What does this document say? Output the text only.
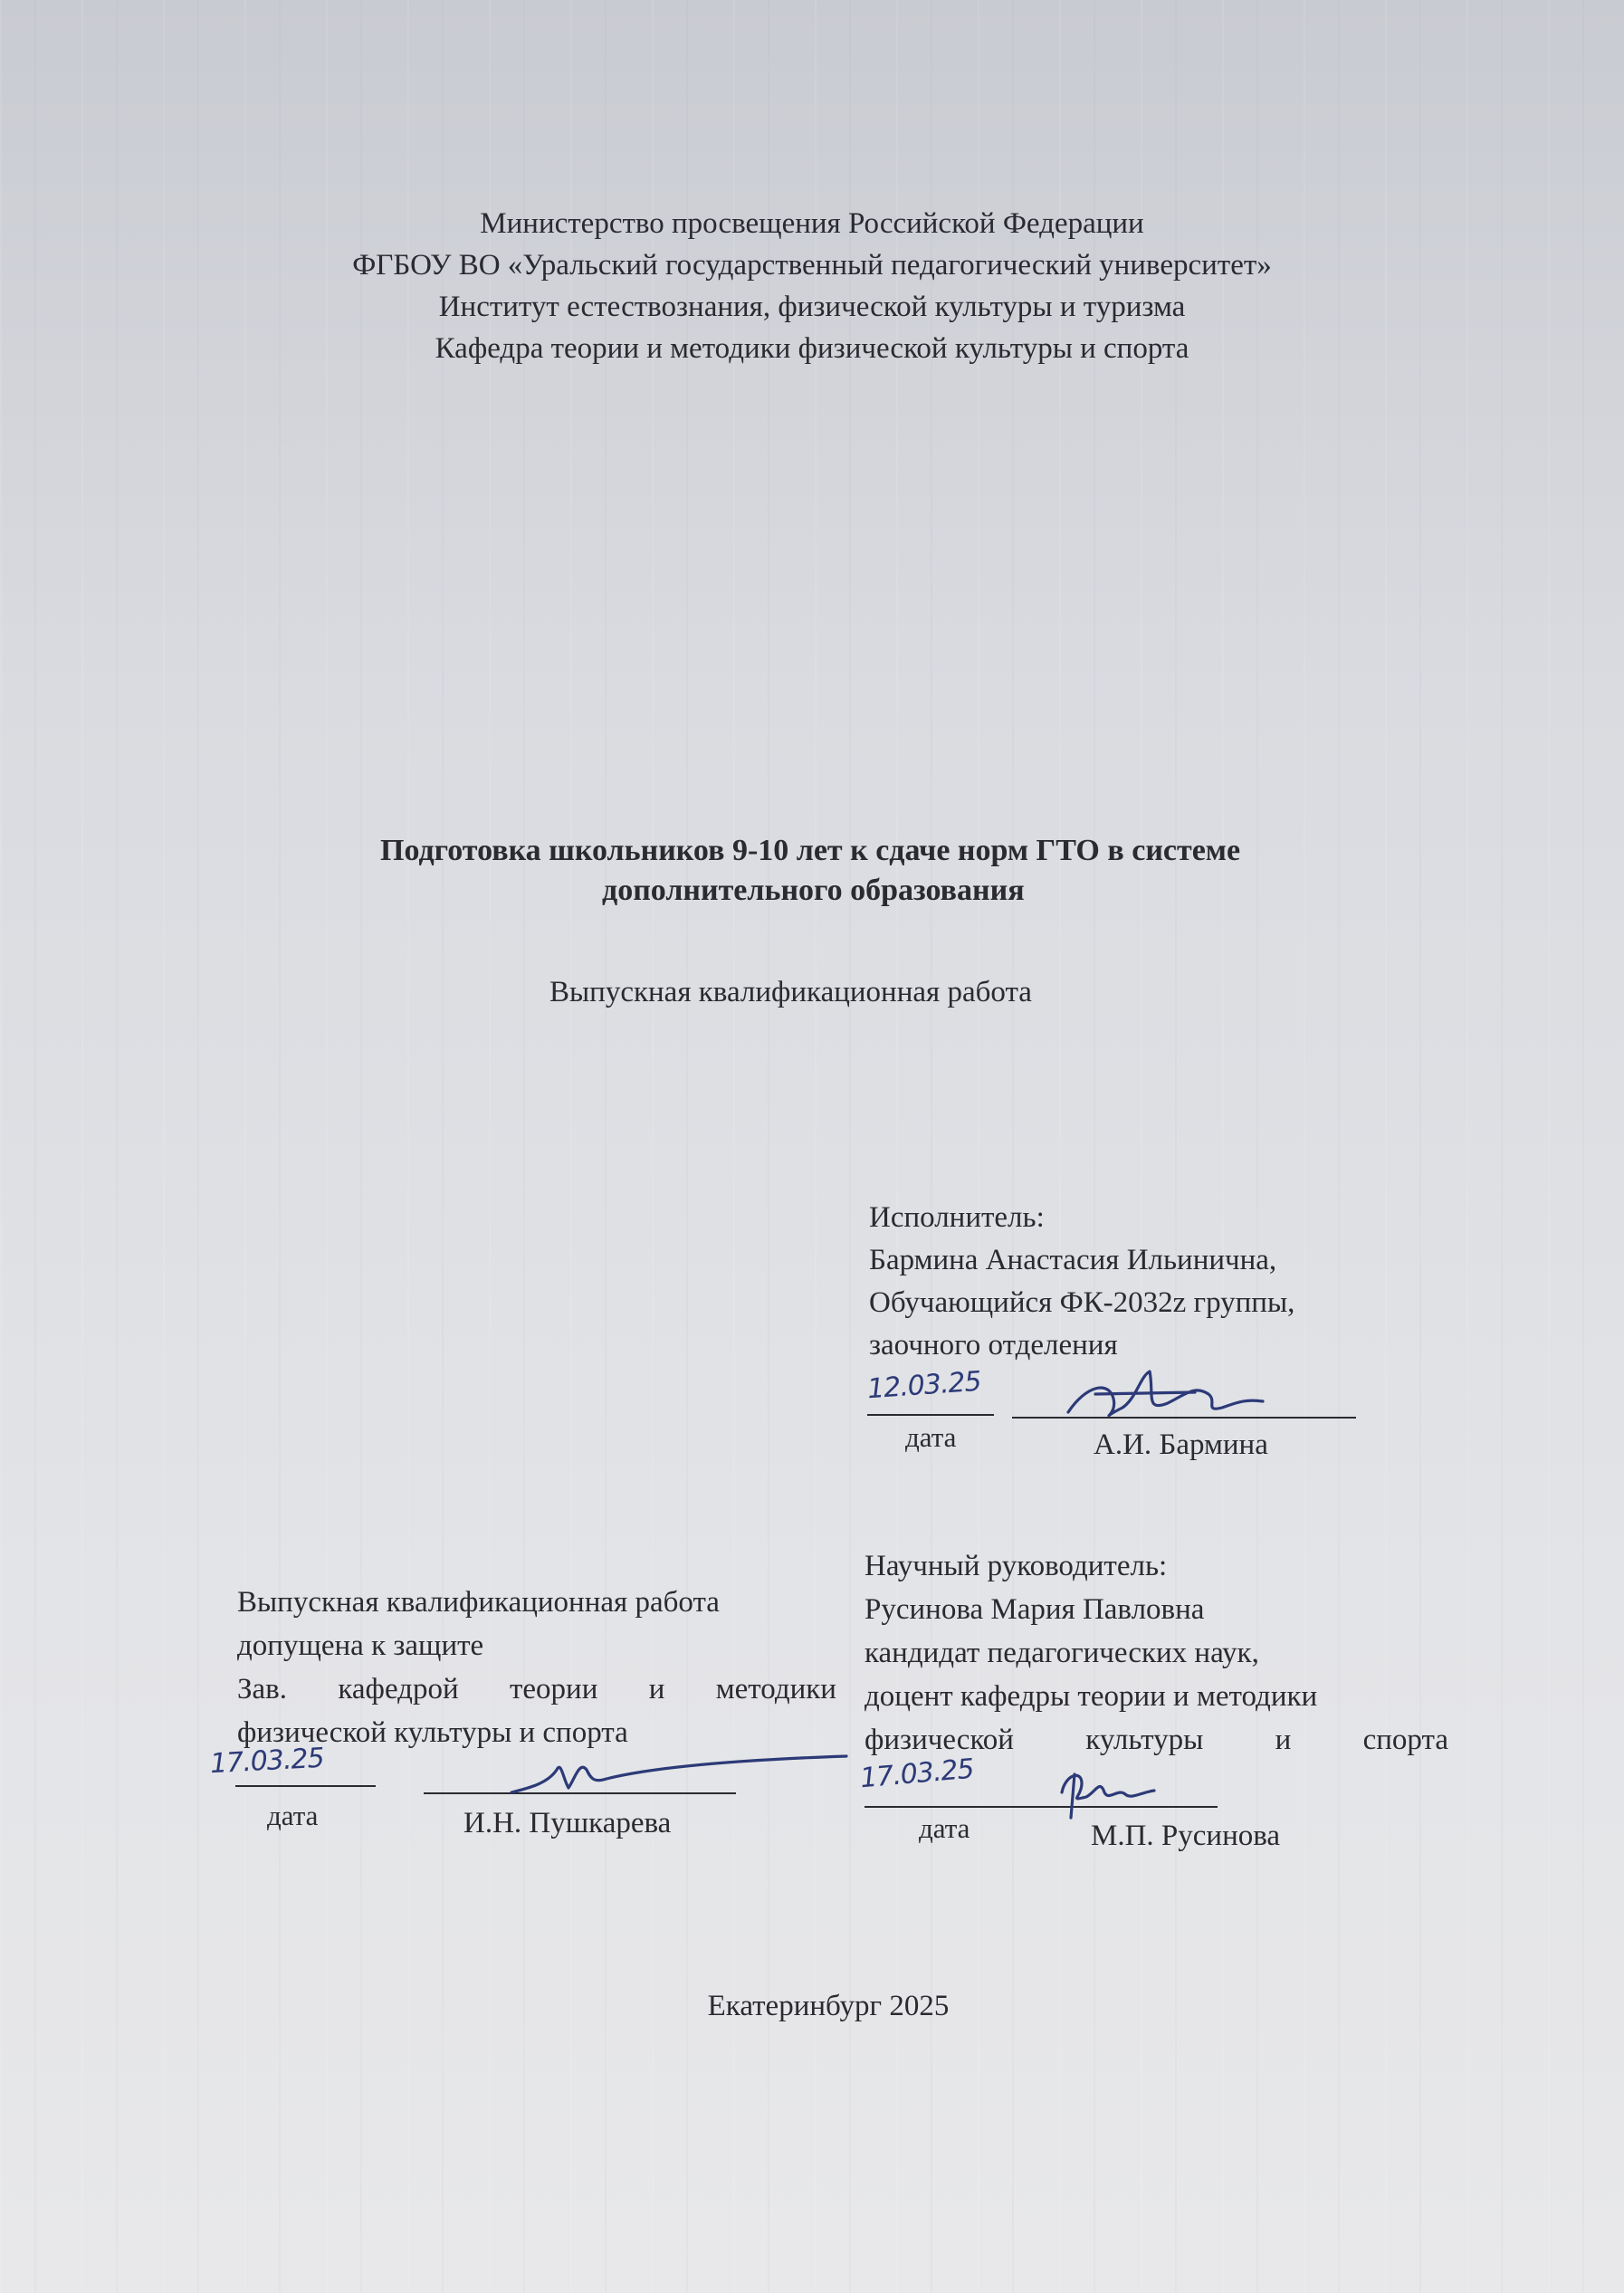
Министерство просвещения Российской Федерации

ФГБОУ ВО «Уральский государственный педагогический университет»

Институт естествознания, физической культуры и туризма

Кафедра теории и методики физической культуры и спорта

Подготовка школьников 9-10 лет к сдаче норм ГТО в системе

дополнительного образования

Выпускная квалификационная работа

Исполнитель:

Бармина Анастасия Ильинична,

Обучающийся ФК-2032z группы,

заочного отделения

12.03.25

дата	А.И. Бармина

Научный руководитель:

Русинова Мария Павловна

кандидат педагогических наук,

доцент кафедры теории и методики

физической культуры и спорта
17.03.25

дата	М.П. Русинова

Выпускная квалификационная работа

допущена к защите

Зав. кафедрой теории и методики

физической культуры и спорта

17.03.25

дата	И.Н. Пушкарева

Екатеринбург 2025
